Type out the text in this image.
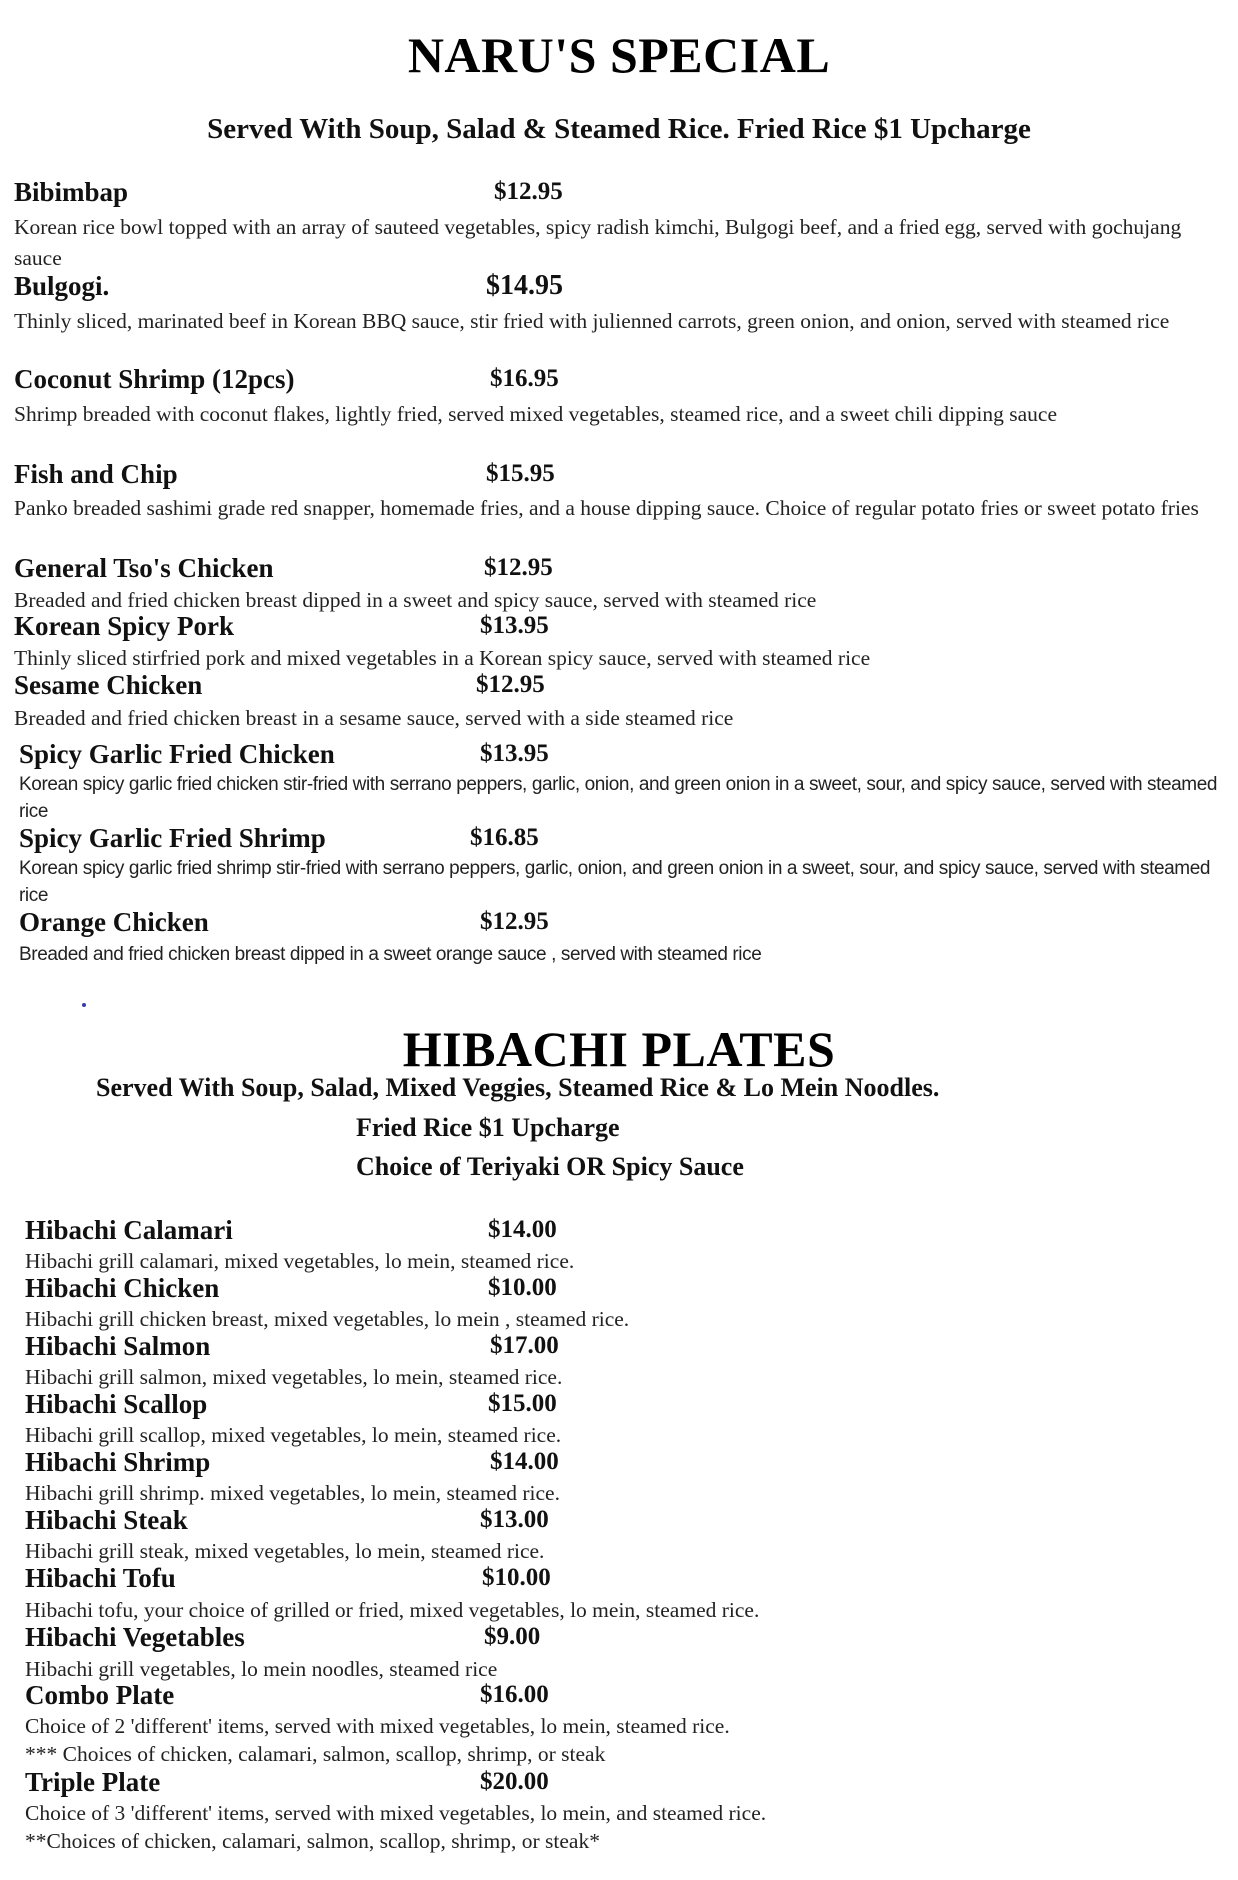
NARU'S SPECIAL
Served With Soup, Salad & Steamed Rice. Fried Rice $1 Upcharge
Bibimbap	$12.95
Korean rice bowl topped with an array of sauteed vegetables, spicy radish kimchi, Bulgogi beef, and a fried egg, served with gochujang sauce
Bulgogi.	$14.95
Thinly sliced, marinated beef in Korean BBQ sauce, stir fried with julienned carrots, green onion, and onion, served with steamed rice
Coconut Shrimp (12pcs)	$16.95
Shrimp breaded with coconut flakes, lightly fried, served mixed vegetables, steamed rice, and a sweet chili dipping sauce
Fish and Chip	$15.95
Panko breaded sashimi grade red snapper, homemade fries, and a house dipping sauce. Choice of regular potato fries or sweet potato fries
General Tso's Chicken	$12.95
Breaded and fried chicken breast dipped in a sweet and spicy sauce, served with steamed rice
Korean Spicy Pork	$13.95
Thinly sliced stirfried pork and mixed vegetables in a Korean spicy sauce, served with steamed rice
Sesame Chicken	$12.95
Breaded and fried chicken breast in a sesame sauce, served with a side steamed rice
Spicy Garlic Fried Chicken	$13.95
Korean spicy garlic fried chicken stir-fried with serrano peppers, garlic, onion, and green onion in a sweet, sour, and spicy sauce, served with steamed rice
Spicy Garlic Fried Shrimp	$16.85
Korean spicy garlic fried shrimp stir-fried with serrano peppers, garlic, onion, and green onion in a sweet, sour, and spicy sauce, served with steamed rice
Orange Chicken	$12.95
Breaded and fried chicken breast dipped in a sweet orange sauce , served with steamed rice
HIBACHI PLATES
Served With Soup, Salad, Mixed Veggies, Steamed Rice & Lo Mein Noodles.
Fried Rice $1 Upcharge
Choice of Teriyaki OR Spicy Sauce
Hibachi Calamari	$14.00
Hibachi grill calamari, mixed vegetables, lo mein, steamed rice.
Hibachi Chicken	$10.00
Hibachi grill chicken breast, mixed vegetables, lo mein , steamed rice.
Hibachi Salmon	$17.00
Hibachi grill salmon, mixed vegetables, lo mein, steamed rice.
Hibachi Scallop	$15.00
Hibachi grill scallop, mixed vegetables, lo mein, steamed rice.
Hibachi Shrimp	$14.00
Hibachi grill shrimp. mixed vegetables, lo mein, steamed rice.
Hibachi Steak	$13.00
Hibachi grill steak, mixed vegetables, lo mein, steamed rice.
Hibachi Tofu	$10.00
Hibachi tofu, your choice of grilled or fried, mixed vegetables, lo mein, steamed rice.
Hibachi Vegetables	$9.00
Hibachi grill vegetables, lo mein noodles, steamed rice
Combo Plate	$16.00
Choice of 2 'different' items, served with mixed vegetables, lo mein, steamed rice.
*** Choices of chicken, calamari, salmon, scallop, shrimp, or steak
Triple Plate	$20.00
Choice of 3 'different' items, served with mixed vegetables, lo mein, and steamed rice.
**Choices of chicken, calamari, salmon, scallop, shrimp, or steak*
